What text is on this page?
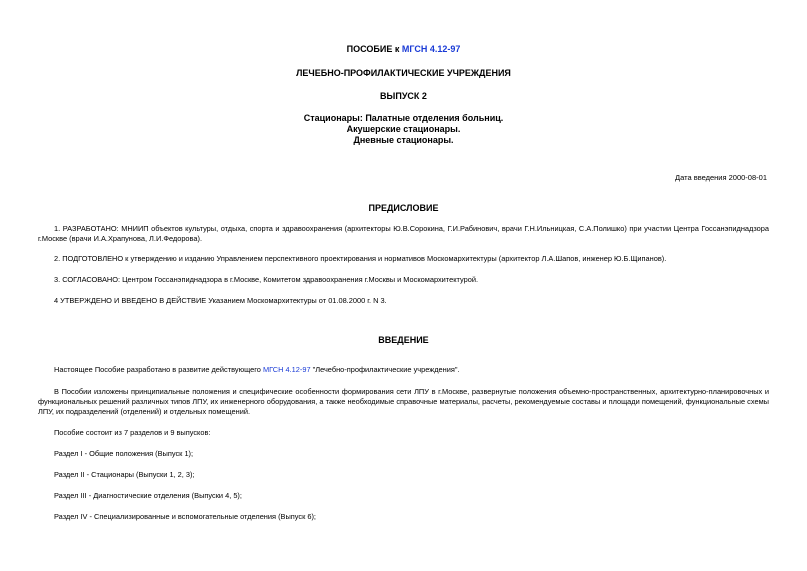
ПОСОБИЕ к МГСН 4.12-97
ЛЕЧЕБНО-ПРОФИЛАКТИЧЕСКИЕ УЧРЕЖДЕНИЯ
ВЫПУСК 2
Стационары: Палатные отделения больниц.
Акушерские стационары.
Дневные стационары.
Дата введения 2000-08-01
ПРЕДИСЛОВИЕ
1. РАЗРАБОТАНО: МНИИП объектов культуры, отдыха, спорта и здравоохранения (архитекторы Ю.В.Сорокина, Г.И.Рабинович, врачи Г.Н.Ильницкая, С.А.Полишко) при участии Центра Госсанэпиднадзора г.Москве (врачи И.А.Храпунова, Л.И.Федорова).
2. ПОДГОТОВЛЕНО к утверждению и изданию Управлением перспективного проектирования и нормативов Москомархитектуры (архитектор Л.А.Шапов, инженер Ю.Б.Щипанов).
3. СОГЛАСОВАНО: Центром Госсанэпиднадзора в г.Москве, Комитетом здравоохранения г.Москвы и Москомархитектурой.
4 УТВЕРЖДЕНО И ВВЕДЕНО В ДЕЙСТВИЕ Указанием Москомархитектуры от 01.08.2000 г. N 3.
ВВЕДЕНИЕ
Настоящее Пособие разработано в развитие действующего МГСН 4.12-97 "Лечебно-профилактические учреждения".
В Пособии изложены принципиальные положения и специфические особенности формирования сети ЛПУ в г.Москве, развернутые положения объемно-пространственных, архитектурно-планировочных и функциональных решений различных типов ЛПУ, их инженерного оборудования, а также необходимые справочные материалы, расчеты, рекомендуемые составы и площади помещений, функциональные схемы ЛПУ, их подразделений (отделений) и отдельных помещений.
Пособие состоит из 7 разделов и 9 выпусков:
Раздел I - Общие положения (Выпуск 1);
Раздел II - Стационары (Выпуски 1, 2, 3);
Раздел III - Диагностические отделения (Выпуски 4, 5);
Раздел IV - Специализированные и вспомогательные отделения (Выпуск 6);
